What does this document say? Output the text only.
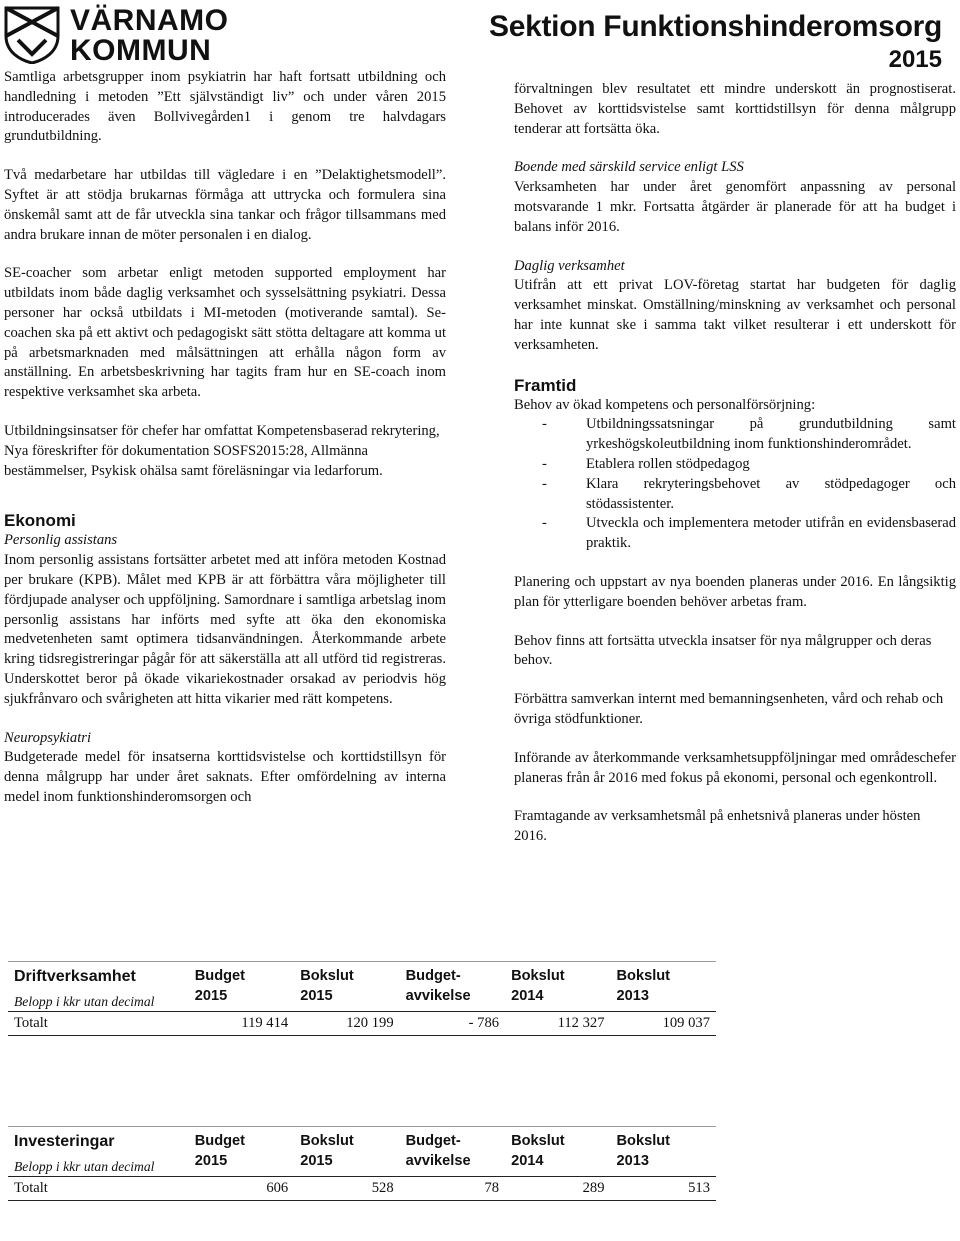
VÄRNAMO
KOMMUN
Sektion Funktionshinderomsorg
2015

Samtliga arbetsgrupper inom psykiatrin har haft fortsatt utbildning och handledning i metoden ”Ett självständigt liv” och under våren 2015 introducerades även Bollvivegården1 i genom tre halvdagars grundutbildning.

Två medarbetare har utbildas till vägledare i en ”Delaktighetsmodell”. Syftet är att stödja brukarnas förmåga att uttrycka och formulera sina önskemål samt att de får utveckla sina tankar och frågor tillsammans med andra brukare innan de möter personalen i en dialog.

SE-coacher som arbetar enligt metoden supported employment har utbildats inom både daglig verksamhet och sysselsättning psykiatri. Dessa personer har också utbildats i MI-metoden (motiverande samtal). Se-coachen ska på ett aktivt och pedagogiskt sätt stötta deltagare att komma ut på arbetsmarknaden med målsättningen att erhålla någon form av anställning. En arbetsbeskrivning har tagits fram hur en SE-coach inom respektive verksamhet ska arbeta.

Utbildningsinsatser för chefer har omfattat Kompetensbaserad rekrytering, Nya föreskrifter för dokumentation SOSFS2015:28, Allmänna bestämmelser, Psykisk ohälsa samt föreläsningar via ledarforum.

Ekonomi
Personlig assistans

Inom personlig assistans fortsätter arbetet med att införa metoden Kostnad per brukare (KPB). Målet med KPB är att förbättra våra möjligheter till fördjupade analyser och uppföljning. Samordnare i samtliga arbetslag inom personlig assistans har införts med syfte att öka den ekonomiska medvetenheten samt optimera tidsanvändningen. Återkommande arbete kring tidsregistreringar pågår för att säkerställa att all utförd tid registreras. Underskottet beror på ökade vikariekostnader orsakad av periodvis hög sjukfrånvaro och svårigheten att hitta vikarier med rätt kompetens.

Neuropsykiatri

Budgeterade medel för insatserna korttidsvistelse och korttidstillsyn för denna målgrupp har under året saknats. Efter omfördelning av interna medel inom funktionshinderomsorgen och

förvaltningen blev resultatet ett mindre underskott än prognostiserat. Behovet av korttidsvistelse samt korttidstillsyn för denna målgrupp tenderar att fortsätta öka.

Boende med särskild service enligt LSS

Verksamheten har under året genomfört anpassning av personal motsvarande 1 mkr. Fortsatta åtgärder är planerade för att ha budget i balans inför 2016.

Daglig verksamhet

Utifrån att ett privat LOV-företag startat har budgeten för daglig verksamhet minskat. Omställning/minskning av verksamhet och personal har inte kunnat ske i samma takt vilket resulterar i ett underskott för verksamheten.

Framtid
Behov av ökad kompetens och personalförsörjning:
- Utbildningssatsningar på grundutbildning samt yrkeshögskoleutbildning inom funktionshinderområdet.
- Etablera rollen stödpedagog
- Klara rekryteringsbehovet av stödpedagoger och stödassistenter.
- Utveckla och implementera metoder utifrån en evidensbaserad praktik.

Planering och uppstart av nya boenden planeras under 2016. En långsiktig plan för ytterligare boenden behöver arbetas fram.

Behov finns att fortsätta utveckla insatser för nya målgrupper och deras behov.

Förbättra samverkan internt med bemanningsenheten, vård och rehab och övriga stödfunktioner.

Införande av återkommande verksamhetsuppföljningar med områdeschefer planeras från år 2016 med fokus på ekonomi, personal och egenkontroll.

Framtagande av verksamhetsmål på enhetsnivå planeras under hösten 2016.

Driftverksamhet	Budget	Bokslut	Budget-	Bokslut	Bokslut
Belopp i kkr utan decimal	2015	2015	avvikelse	2014	2013
Totalt	119 414	120 199	- 786	112 327	109 037
Investeringar	Budget	Bokslut	Budget-	Bokslut	Bokslut
Belopp i kkr utan decimal	2015	2015	avvikelse	2014	2013
Totalt	606	528	78	289	513
